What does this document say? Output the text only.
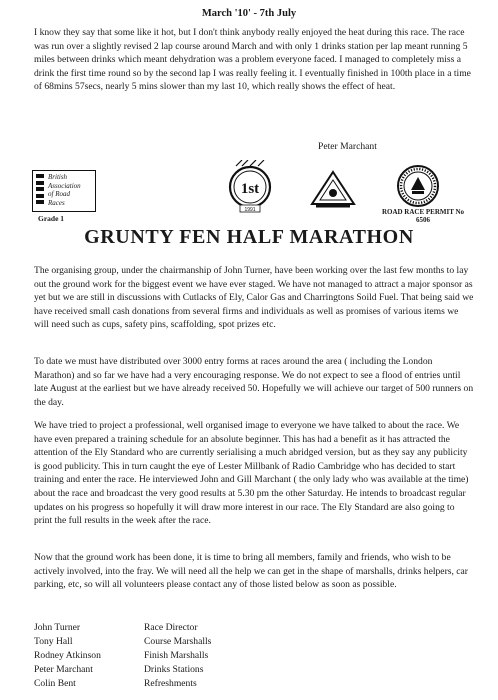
March '10' - 7th July

I know they say that some like it hot, but I don't think anybody really enjoyed the heat during this race. The race was run over a slightly revised 2 lap course around March and with only 1 drinks station per lap meant running 5 miles between drinks which meant dehydration was a problem everyone faced. I managed to completely miss a drink the first time round so by the second lap I was really feeling it. I eventually finished in 100th place in a time of 68mins 57secs, nearly 5 mins slower than my last 10, which really shows the effect of heat.

Peter Marchant
British
Association
of Road
Races
Grade 1
1st
1991	ROAD RACE PERMIT No 6506
GRUNTY FEN HALF MARATHON

The organising group, under the chairmanship of John Turner, have been working over the last few months to lay out the ground work for the biggest event we have ever staged. We have not managed to attract a major sponsor as yet but we are still in discussions with Cutlacks of Ely, Calor Gas and Charringtons Soild Fuel. That being said we have received small cash donations from several firms and individuals as well as promises of various items we will need such as cups, safety pins, scaffolding, spot prizes etc.

To date we must have distributed over 3000 entry forms at races around the area ( including the London Marathon) and so far we have had a very encouraging response. We do not expect to see a flood of entries until late August at the earliest but we have already received 50. Hopefully we will achieve our target of 500 runners on the day.

We have tried to project a professional, well organised image to everyone we have talked to about the race. We have even prepared a training schedule for an absolute beginner. This has had a benefit as it has attracted the attention of the Ely Standard who are currently serialising a much abridged version, but as they say any publicity is good publicity. This in turn caught the eye of Lester Millbank of Radio Cambridge who has decided to start training and enter the race. He interviewed John and Gill Marchant ( the only lady who was available at the time) about the race and broadcast the very good results at 5.30 pm the other Saturday. He intends to broadcast regular updates on his progress so hopefully it will draw more interest in our race. The Ely Standard are also going to print the full results in the week after the race.

Now that the ground work has been done, it is time to bring all members, family and friends, who wish to be actively involved, into the fray. We will need all the help we can get in the shape of marshalls, drinks helpers, car parking, etc, so will all volunteers please contact any of those listed below as soon as possible.

John Turner	Race Director
Tony Hall	Course Marshalls
Rodney Atkinson	Finish Marshalls
Peter Marchant	Drinks Stations
Colin Bent	Refreshments
